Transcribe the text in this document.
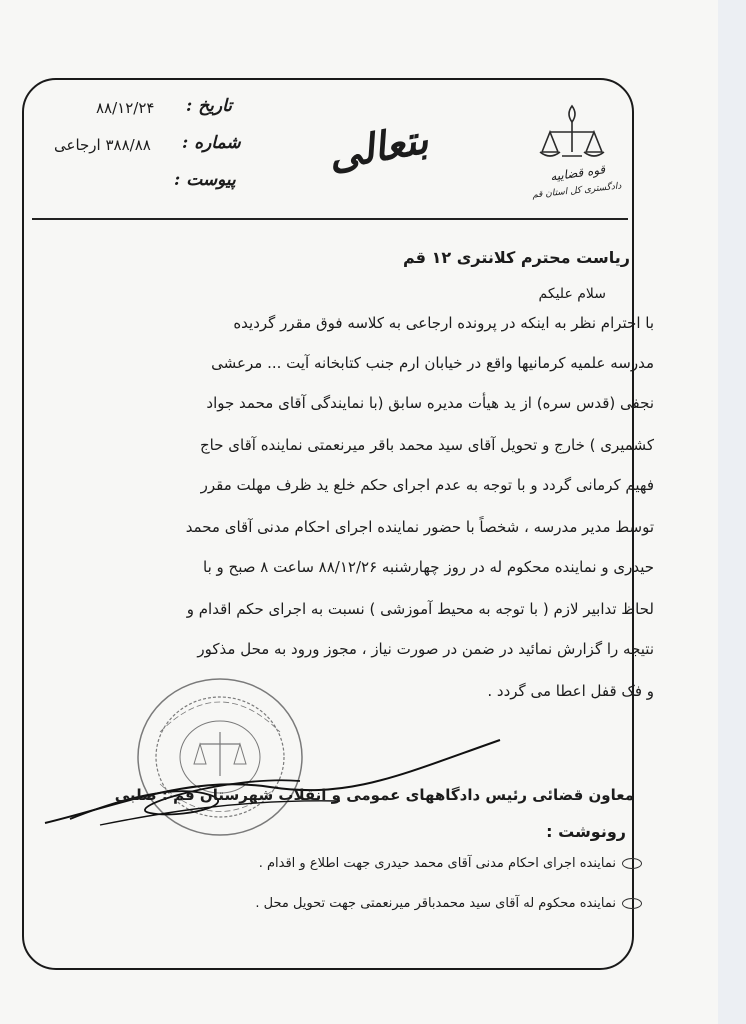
تاریخ :
۸۸/۱۲/۲۴
شماره :
۳۸۸/۸۸ ارجاعی
پیوست :
بتعالی	قوه قضاییه
دادگستری کل استان قم
ریاست محترم کلانتری ۱۲ قم
سلام علیکم
با احترام نظر به اینکه در پرونده ارجاعی به کلاسه فوق مقرر گردیده
مدرسه علمیه کرمانیها واقع در خیابان ارم جنب کتابخانه آیت ... مرعشی
نجفی (قدس سره) از ید هیأت مدیره سابق (با نمایندگی آقای محمد جواد
کشمیری ) خارج و تحویل آقای سید محمد باقر میرنعمتی نماینده آقای حاج
فهیم کرمانی گردد و با توجه به عدم اجرای حکم خلع ید ظرف مهلت مقرر
توسط مدیر مدرسه ، شخصاً با حضور نماینده اجرای احکام مدنی آقای محمد
حیدری و نماینده محکوم له در روز چهارشنبه ۸۸/۱۲/۲۶ ساعت ۸ صبح و با
لحاظ تدابیر لازم ( با توجه به محیط آموزشی ) نسبت به اجرای حکم اقدام و
نتیجه را گزارش نمائید در ضمن در صورت نیاز ، مجوز ورود به محل مذکور
و فک قفل اعطا می گردد .
معاون قضائی رئیس دادگاههای عمومی و انقلاب شهرستان قم : صلبی
رونوشت :
نماینده اجرای احکام مدنی آقای محمد حیدری جهت اطلاع و اقدام .
نماینده محکوم له آقای سید محمدباقر میرنعمتی جهت تحویل محل .
